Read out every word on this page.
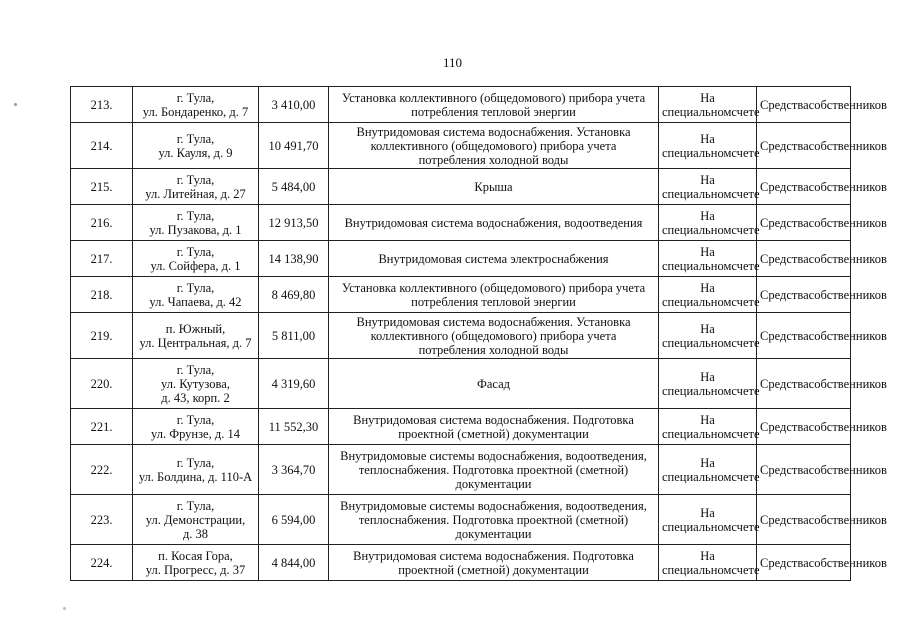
110
213.	г. Тула,
ул. Бондаренко, д. 7	3 410,00	Установка коллективного (общедомового) прибора учета
потребления тепловой энергии	На специальномсчете	Средствасобственников
214.	г. Тула,
ул. Кауля, д. 9	10 491,70	Внутридомовая система водоснабжения. Установка
коллективного (общедомового) прибора учета
потребления холодной воды	На специальномсчете	Средствасобственников
215.	г. Тула,
ул. Литейная, д. 27	5 484,00	Крыша	На специальномсчете	Средствасобственников
216.	г. Тула,
ул. Пузакова, д. 1	12 913,50	Внутридомовая система водоснабжения, водоотведения	На специальномсчете	Средствасобственников
217.	г. Тула,
ул. Сойфера, д. 1	14 138,90	Внутридомовая система электроснабжения	На специальномсчете	Средствасобственников
218.	г. Тула,
ул. Чапаева, д. 42	8 469,80	Установка коллективного (общедомового) прибора учета
потребления тепловой энергии	На специальномсчете	Средствасобственников
219.	п. Южный,
ул. Центральная, д. 7	5 811,00	Внутридомовая система водоснабжения. Установка
коллективного (общедомового) прибора учета
потребления холодной воды	На специальномсчете	Средствасобственников
220.	г. Тула,
ул. Кутузова,
д. 43, корп. 2	4 319,60	Фасад	На специальномсчете	Средствасобственников
221.	г. Тула,
ул. Фрунзе, д. 14	11 552,30	Внутридомовая система водоснабжения. Подготовка
проектной (сметной) документации	На специальномсчете	Средствасобственников
222.	г. Тула,
ул. Болдина, д. 110-А	3 364,70	Внутридомовые системы водоснабжения, водоотведения,
теплоснабжения. Подготовка проектной (сметной)
документации	На специальномсчете	Средствасобственников
223.	г. Тула,
ул. Демонстрации,
д. 38	6 594,00	Внутридомовые системы водоснабжения, водоотведения,
теплоснабжения. Подготовка проектной (сметной)
документации	На специальномсчете	Средствасобственников
224.	п. Косая Гора,
ул. Прогресс, д. 37	4 844,00	Внутридомовая система водоснабжения. Подготовка
проектной (сметной) документации	На специальномсчете	Средствасобственников
